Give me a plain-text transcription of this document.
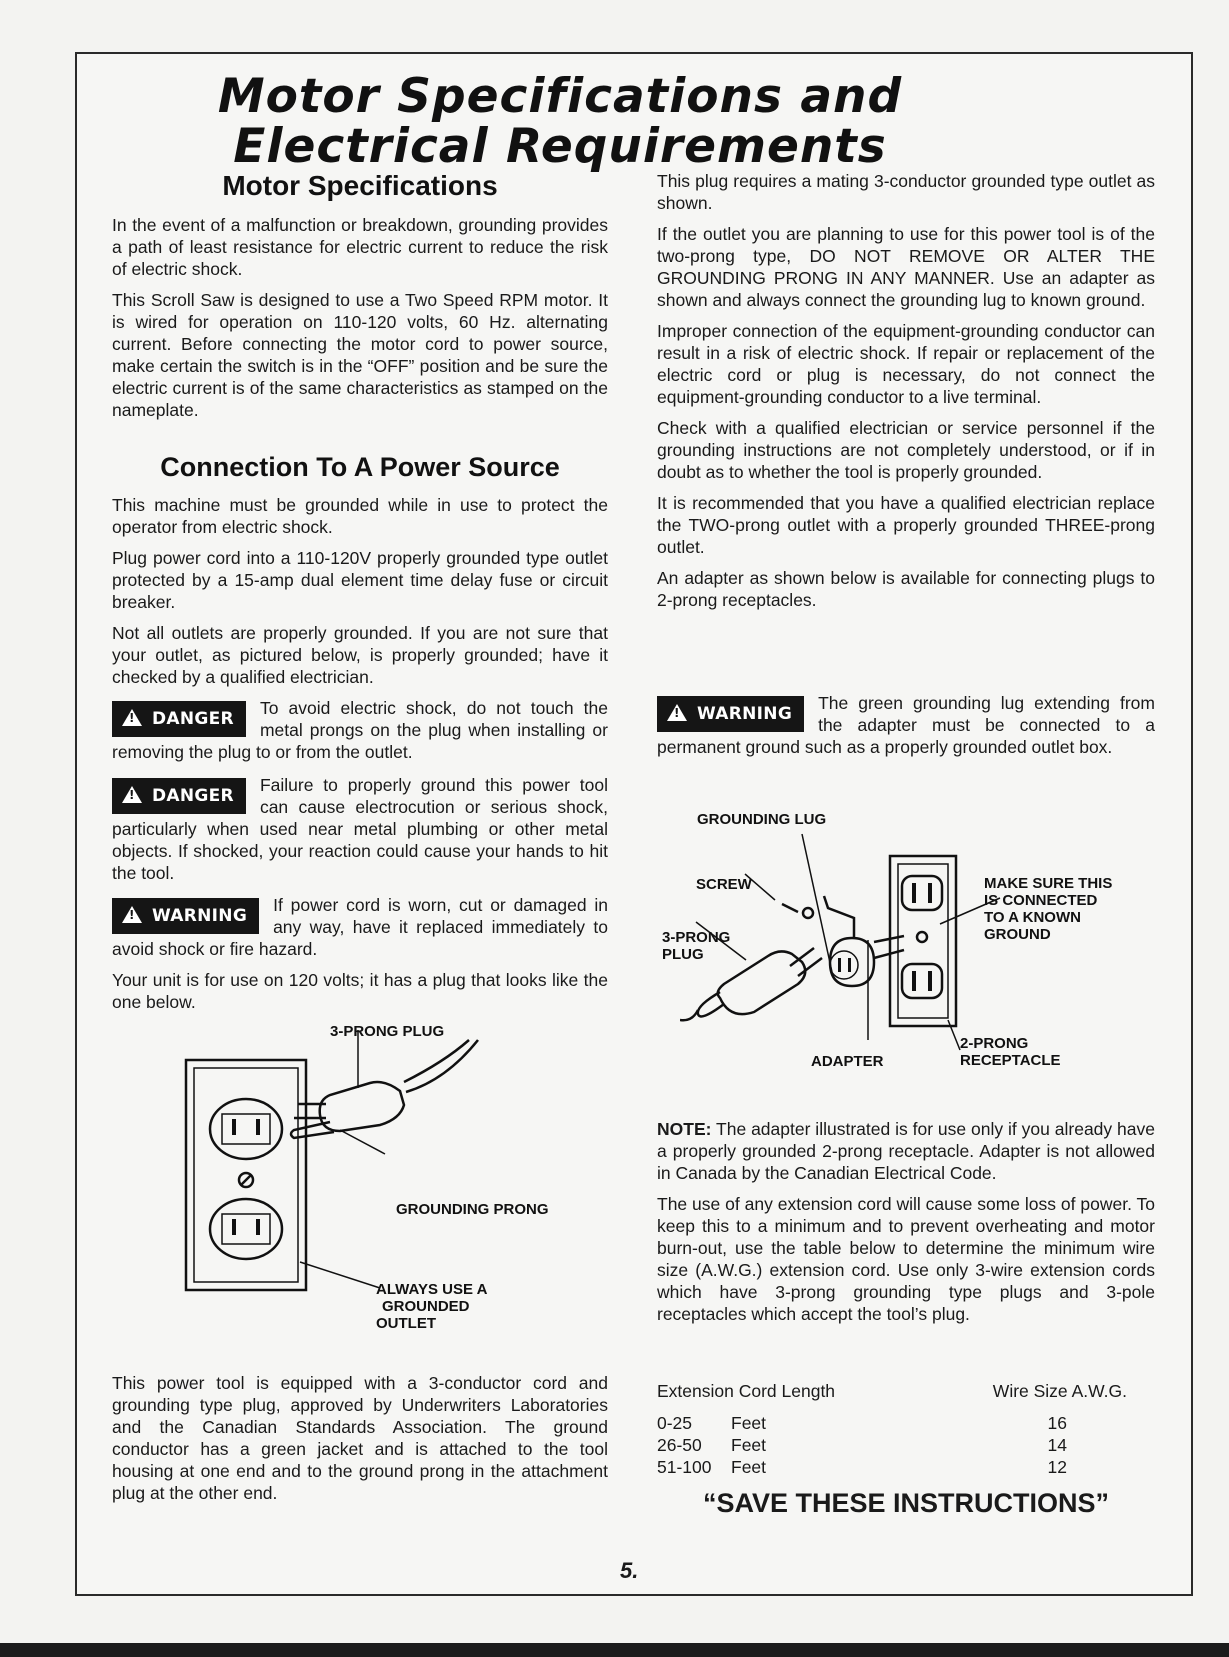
Motor Specifications and
Electrical Requirements
Motor Specifications

In the event of a malfunction or breakdown, grounding provides a path of least resistance for electric current to reduce the risk of electric shock.

This Scroll Saw is designed to use a Two Speed RPM motor. It is wired for operation on 110-120 volts, 60 Hz. alternating current. Before connecting the motor cord to power source, make certain the switch is in the “OFF” position and be sure the electric current is of the same characteristics as stamped on the nameplate.

Connection To A Power Source

This machine must be grounded while in use to protect the operator from electric shock.

Plug power cord into a 110-120V properly grounded type outlet protected by a 15-amp dual element time delay fuse or circuit breaker.

Not all outlets are properly grounded. If you are not sure that your outlet, as pictured below, is properly grounded; have it checked by a qualified electrician.

!DANGER

To avoid electric shock, do not touch the metal prongs on the plug when installing or removing the plug to or from the outlet.

!DANGER

Failure to properly ground this power tool can cause electrocution or serious shock, particularly when used near metal plumbing or other metal objects. If shocked, your reaction could cause your hands to hit the tool.

!WARNING

If power cord is worn, cut or damaged in any way, have it replaced immediately to avoid shock or fire hazard.

Your unit is for use on 120 volts; it has a plug that looks like the one below.

3-PRONG PLUG
GROUNDING PRONG
ALWAYS USE A
GROUNDED
OUTLET

This power tool is equipped with a 3-conductor cord and grounding type plug, approved by Underwriters Laboratories and the Canadian Standards Association. The ground conductor has a green jacket and is attached to the tool housing at one end and to the ground prong in the attachment plug at the other end.

This plug requires a mating 3-conductor grounded type outlet as shown.

If the outlet you are planning to use for this power tool is of the two-prong type, DO NOT REMOVE OR ALTER THE GROUNDING PRONG IN ANY MANNER. Use an adapter as shown and always connect the grounding lug to known ground.

Improper connection of the equipment-grounding conductor can result in a risk of electric shock. If repair or replacement of the electric cord or plug is necessary, do not connect the equipment-grounding conductor to a live terminal.

Check with a qualified electrician or service personnel if the grounding instructions are not completely understood, or if in doubt as to whether the tool is properly grounded.

It is recommended that you have a qualified electrician replace the TWO-prong outlet with a properly grounded THREE-prong outlet.

An adapter as shown below is available for connecting plugs to 2-prong receptacles.

!WARNING

The green grounding lug extending from the adapter must be connected to a permanent ground such as a properly grounded outlet box.

GROUNDING LUG
SCREW
3-PRONG
PLUG
MAKE SURE THIS
IS CONNECTED
TO A KNOWN
GROUND
ADAPTER
2-PRONG
RECEPTACLE

NOTE: The adapter illustrated is for use only if you already have a properly grounded 2-prong receptacle. Adapter is not allowed in Canada by the Canadian Electrical Code.

The use of any extension cord will cause some loss of power. To keep this to a minimum and to prevent overheating and motor burn-out, use the table below to determine the minimum wire size (A.W.G.) extension cord. Use only 3-wire extension cords which have 3-prong grounding type plugs and 3-pole receptacles which accept the tool’s plug.

Extension Cord Length		Wire Size A.W.G.

0-25	Feet	16
26-50	Feet	14
51-100	Feet	12
“SAVE THESE INSTRUCTIONS”
5.
